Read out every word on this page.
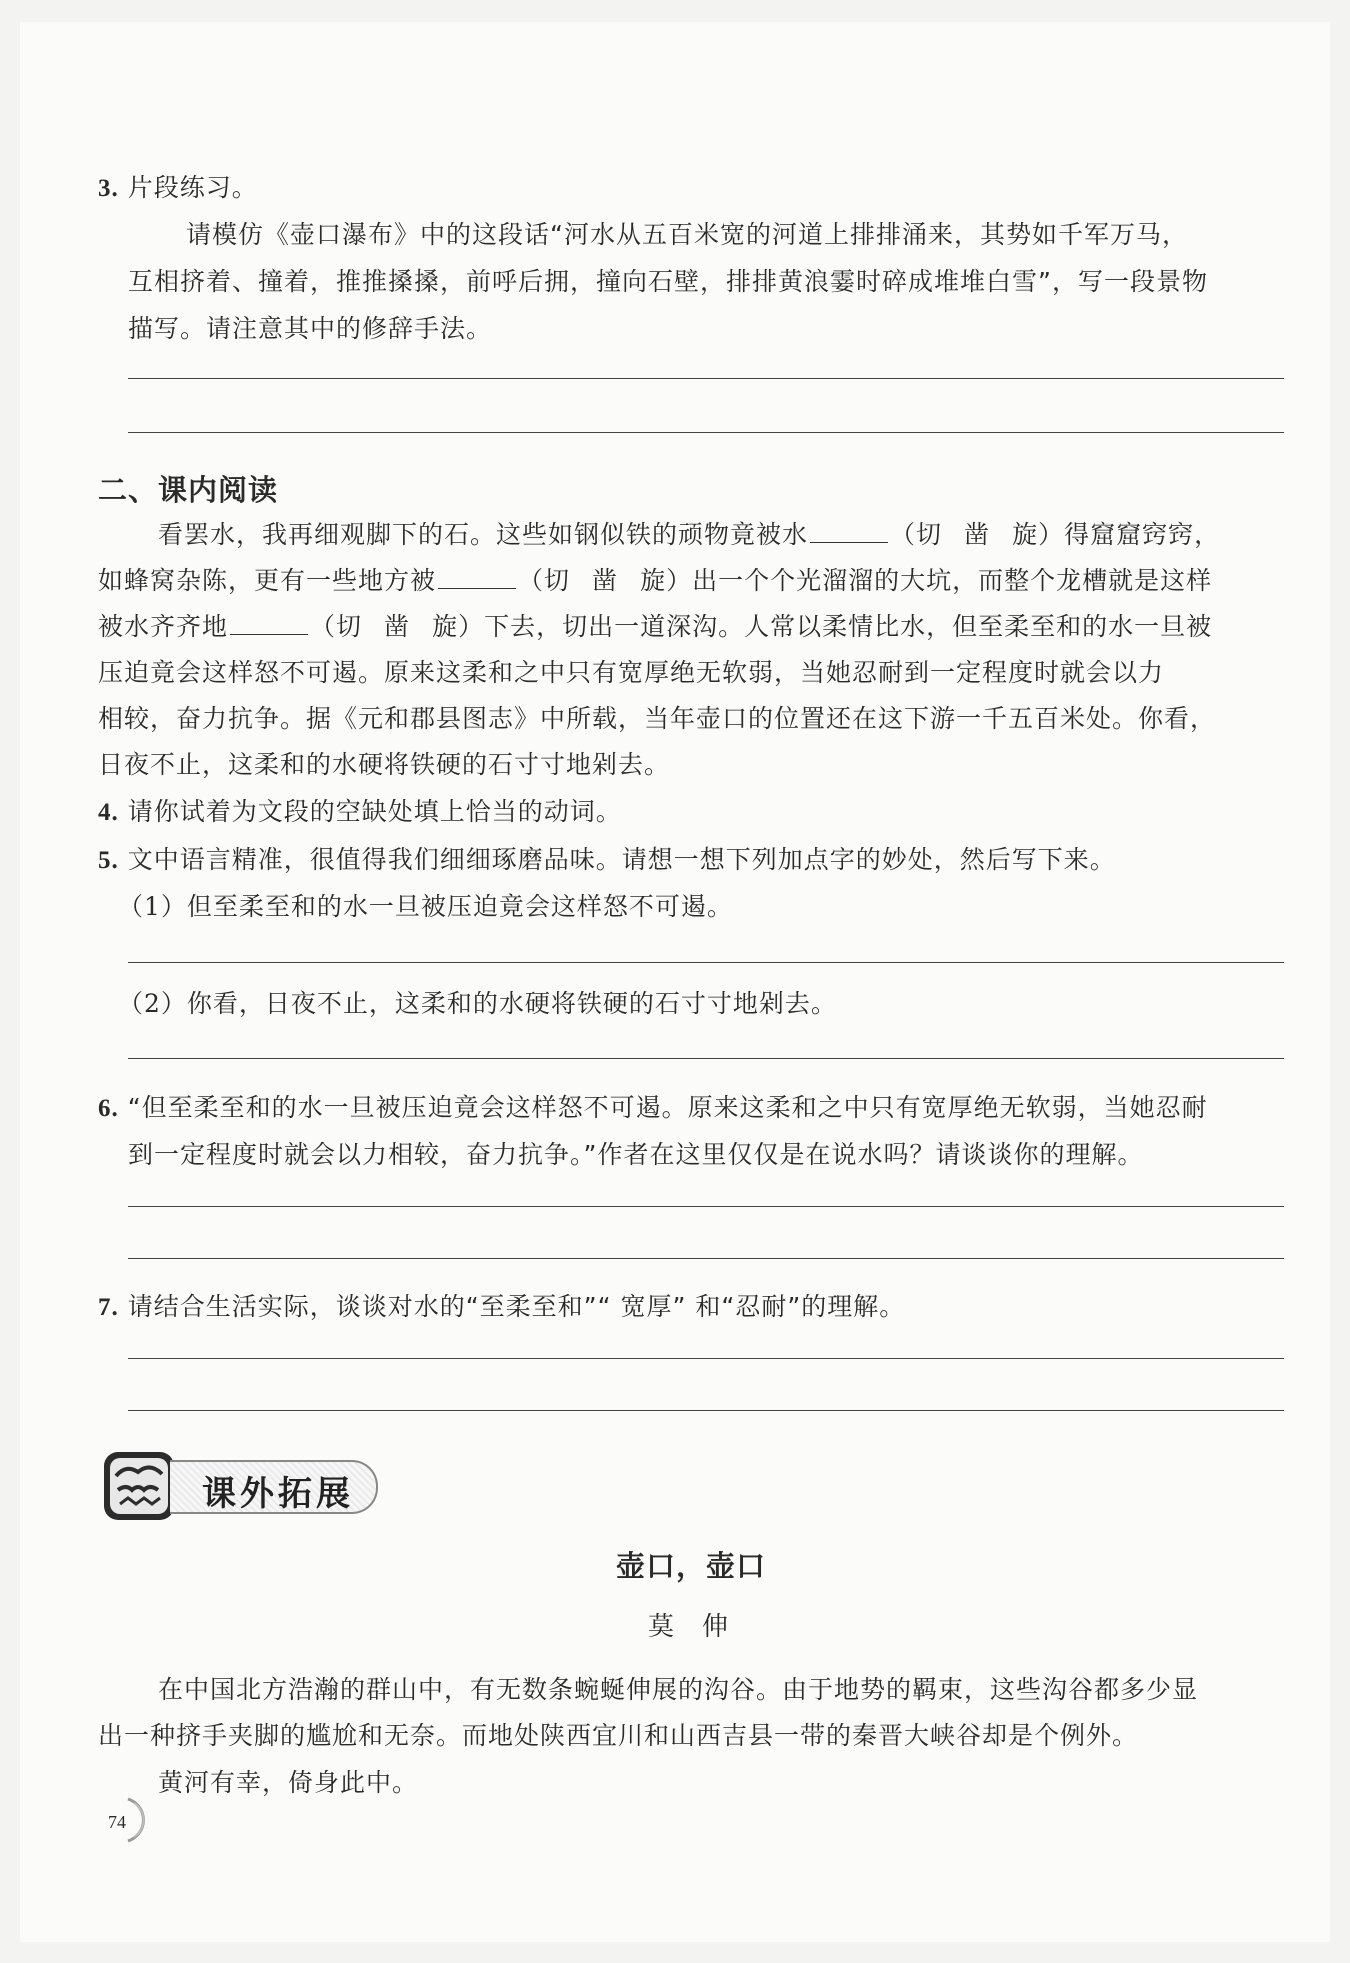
3. 片段练习。
请模仿《壶口瀑布》中的这段话“河水从五百米宽的河道上排排涌来，其势如千军万马，
互相挤着、撞着，推推搡搡，前呼后拥，撞向石壁，排排黄浪霎时碎成堆堆白雪”，写一段景物
描写。请注意其中的修辞手法。
二、课内阅读
看罢水，我再细观脚下的石。这些如钢似铁的顽物竟被水	（切 凿 旋）得窟窟窍窍，
如蜂窝杂陈，更有一些地方被	（切 凿 旋）出一个个光溜溜的大坑，而整个龙槽就是这样
被水齐齐地	（切 凿 旋）下去，切出一道深沟。人常以柔情比水，但至柔至和的水一旦被
压迫竟会这样怒不可遏。原来这柔和之中只有宽厚绝无软弱，当她忍耐到一定程度时就会以力
相较，奋力抗争。据《元和郡县图志》中所载，当年壶口的位置还在这下游一千五百米处。你看，
日夜不止，这柔和的水硬将铁硬的石寸寸地剁去。
4. 请你试着为文段的空缺处填上恰当的动词。
5. 文中语言精准，很值得我们细细琢磨品味。请想一想下列加点字的妙处，然后写下来。
（1）但至柔至和的水一旦被压迫竟会这样怒不可遏。
（2）你看，日夜不止，这柔和的水硬将铁硬的石寸寸地剁去。
6. “但至柔至和的水一旦被压迫竟会这样怒不可遏。原来这柔和之中只有宽厚绝无软弱，当她忍耐
到一定程度时就会以力相较，奋力抗争。”作者在这里仅仅是在说水吗？请谈谈你的理解。
7. 请结合生活实际，谈谈对水的“至柔至和”“ 宽厚” 和“忍耐”的理解。
课外拓展
壶口，壶口
莫　伸
在中国北方浩瀚的群山中，有无数条蜿蜒伸展的沟谷。由于地势的羁束，这些沟谷都多少显
出一种挤手夹脚的尴尬和无奈。而地处陕西宜川和山西吉县一带的秦晋大峡谷却是个例外。
黄河有幸，倚身此中。
74
